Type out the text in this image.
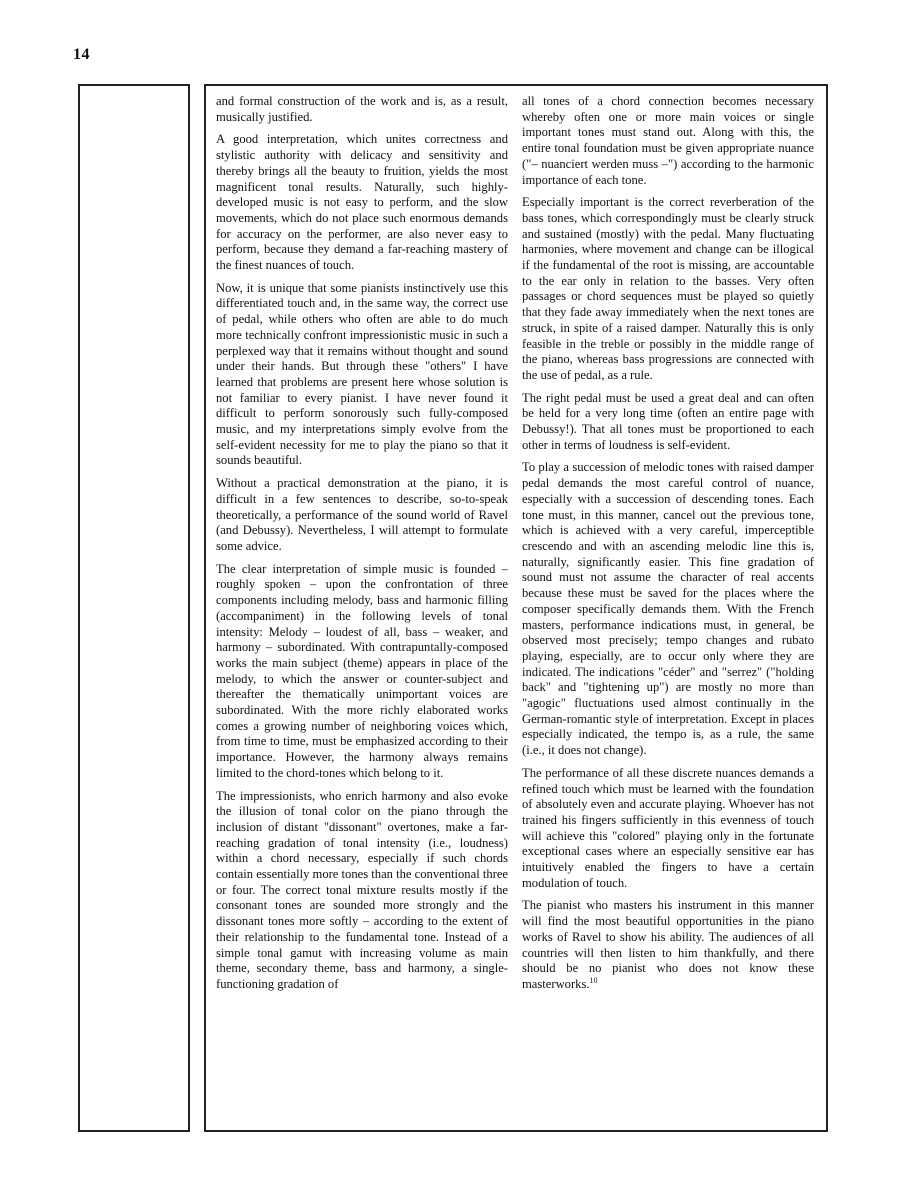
14

and formal construction of the work and is, as a result, musically justified.

A good interpretation, which unites correctness and stylistic authority with delicacy and sensitivity and thereby brings all the beauty to fruition, yields the most magnificent tonal results. Naturally, such highly-developed music is not easy to perform, and the slow movements, which do not place such enormous demands for accuracy on the performer, are also never easy to perform, because they demand a far-reaching mastery of the finest nuances of touch.

Now, it is unique that some pianists instinctively use this differentiated touch and, in the same way, the correct use of pedal, while others who often are able to do much more technically confront impressionistic music in such a perplexed way that it remains without thought and sound under their hands. But through these "others" I have learned that problems are present here whose solution is not familiar to every pianist. I have never found it difficult to perform sonorously such fully-composed music, and my interpretations simply evolve from the self-evident necessity for me to play the piano so that it sounds beautiful.

Without a practical demonstration at the piano, it is difficult in a few sentences to describe, so-to-speak theoretically, a performance of the sound world of Ravel (and Debussy). Nevertheless, I will attempt to formulate some advice.

The clear interpretation of simple music is founded – roughly spoken – upon the confrontation of three components including melody, bass and harmonic filling (accompaniment) in the following levels of tonal intensity: Melody – loudest of all, bass – weaker, and harmony – subordinated. With contrapuntally-composed works the main subject (theme) appears in place of the melody, to which the answer or counter-subject and thereafter the thematically unimportant voices are subordinated. With the more richly elaborated works comes a growing number of neighboring voices which, from time to time, must be emphasized according to their importance. However, the harmony always remains limited to the chord-tones which belong to it.

The impressionists, who enrich harmony and also evoke the illusion of tonal color on the piano through the inclusion of distant "dissonant" overtones, make a far-reaching gradation of tonal intensity (i.e., loudness) within a chord necessary, especially if such chords contain essentially more tones than the conventional three or four. The correct tonal mixture results mostly if the consonant tones are sounded more strongly and the dissonant tones more softly – according to the extent of their relationship to the fundamental tone. Instead of a simple tonal gamut with increasing volume as main theme, secondary theme, bass and harmony, a single-functioning gradation of

all tones of a chord connection becomes necessary whereby often one or more main voices or single important tones must stand out. Along with this, the entire tonal foundation must be given appropriate nuance ("– nuanciert werden muss –") according to the harmonic importance of each tone.

Especially important is the correct reverberation of the bass tones, which correspondingly must be clearly struck and sustained (mostly) with the pedal. Many fluctuating harmonies, where movement and change can be illogical if the fundamental of the root is missing, are accountable to the ear only in relation to the basses. Very often passages or chord sequences must be played so quietly that they fade away immediately when the next tones are struck, in spite of a raised damper. Naturally this is only feasible in the treble or possibly in the middle range of the piano, whereas bass progressions are connected with the use of pedal, as a rule.

The right pedal must be used a great deal and can often be held for a very long time (often an entire page with Debussy!). That all tones must be proportioned to each other in terms of loudness is self-evident.

To play a succession of melodic tones with raised damper pedal demands the most careful control of nuance, especially with a succession of descending tones. Each tone must, in this manner, cancel out the previous tone, which is achieved with a very careful, imperceptible crescendo and with an ascending melodic line this is, naturally, significantly easier. This fine gradation of sound must not assume the character of real accents because these must be saved for the places where the composer specifically demands them. With the French masters, performance indications must, in general, be observed most precisely; tempo changes and rubato playing, especially, are to occur only where they are indicated. The indications "céder" and "serrez" ("holding back" and "tightening up") are mostly no more than "agogic" fluctuations used almost continually in the German-romantic style of interpretation. Except in places especially indicated, the tempo is, as a rule, the same (i.e., it does not change).

The performance of all these discrete nuances demands a refined touch which must be learned with the foundation of absolutely even and accurate playing. Whoever has not trained his fingers sufficiently in this evenness of touch will achieve this "colored" playing only in the fortunate exceptional cases where an especially sensitive ear has intuitively enabled the fingers to have a certain modulation of touch.

The pianist who masters his instrument in this manner will find the most beautiful opportunities in the piano works of Ravel to show his ability. The audiences of all countries will then listen to him thankfully, and there should be no pianist who does not know these masterworks.$^{10}$
